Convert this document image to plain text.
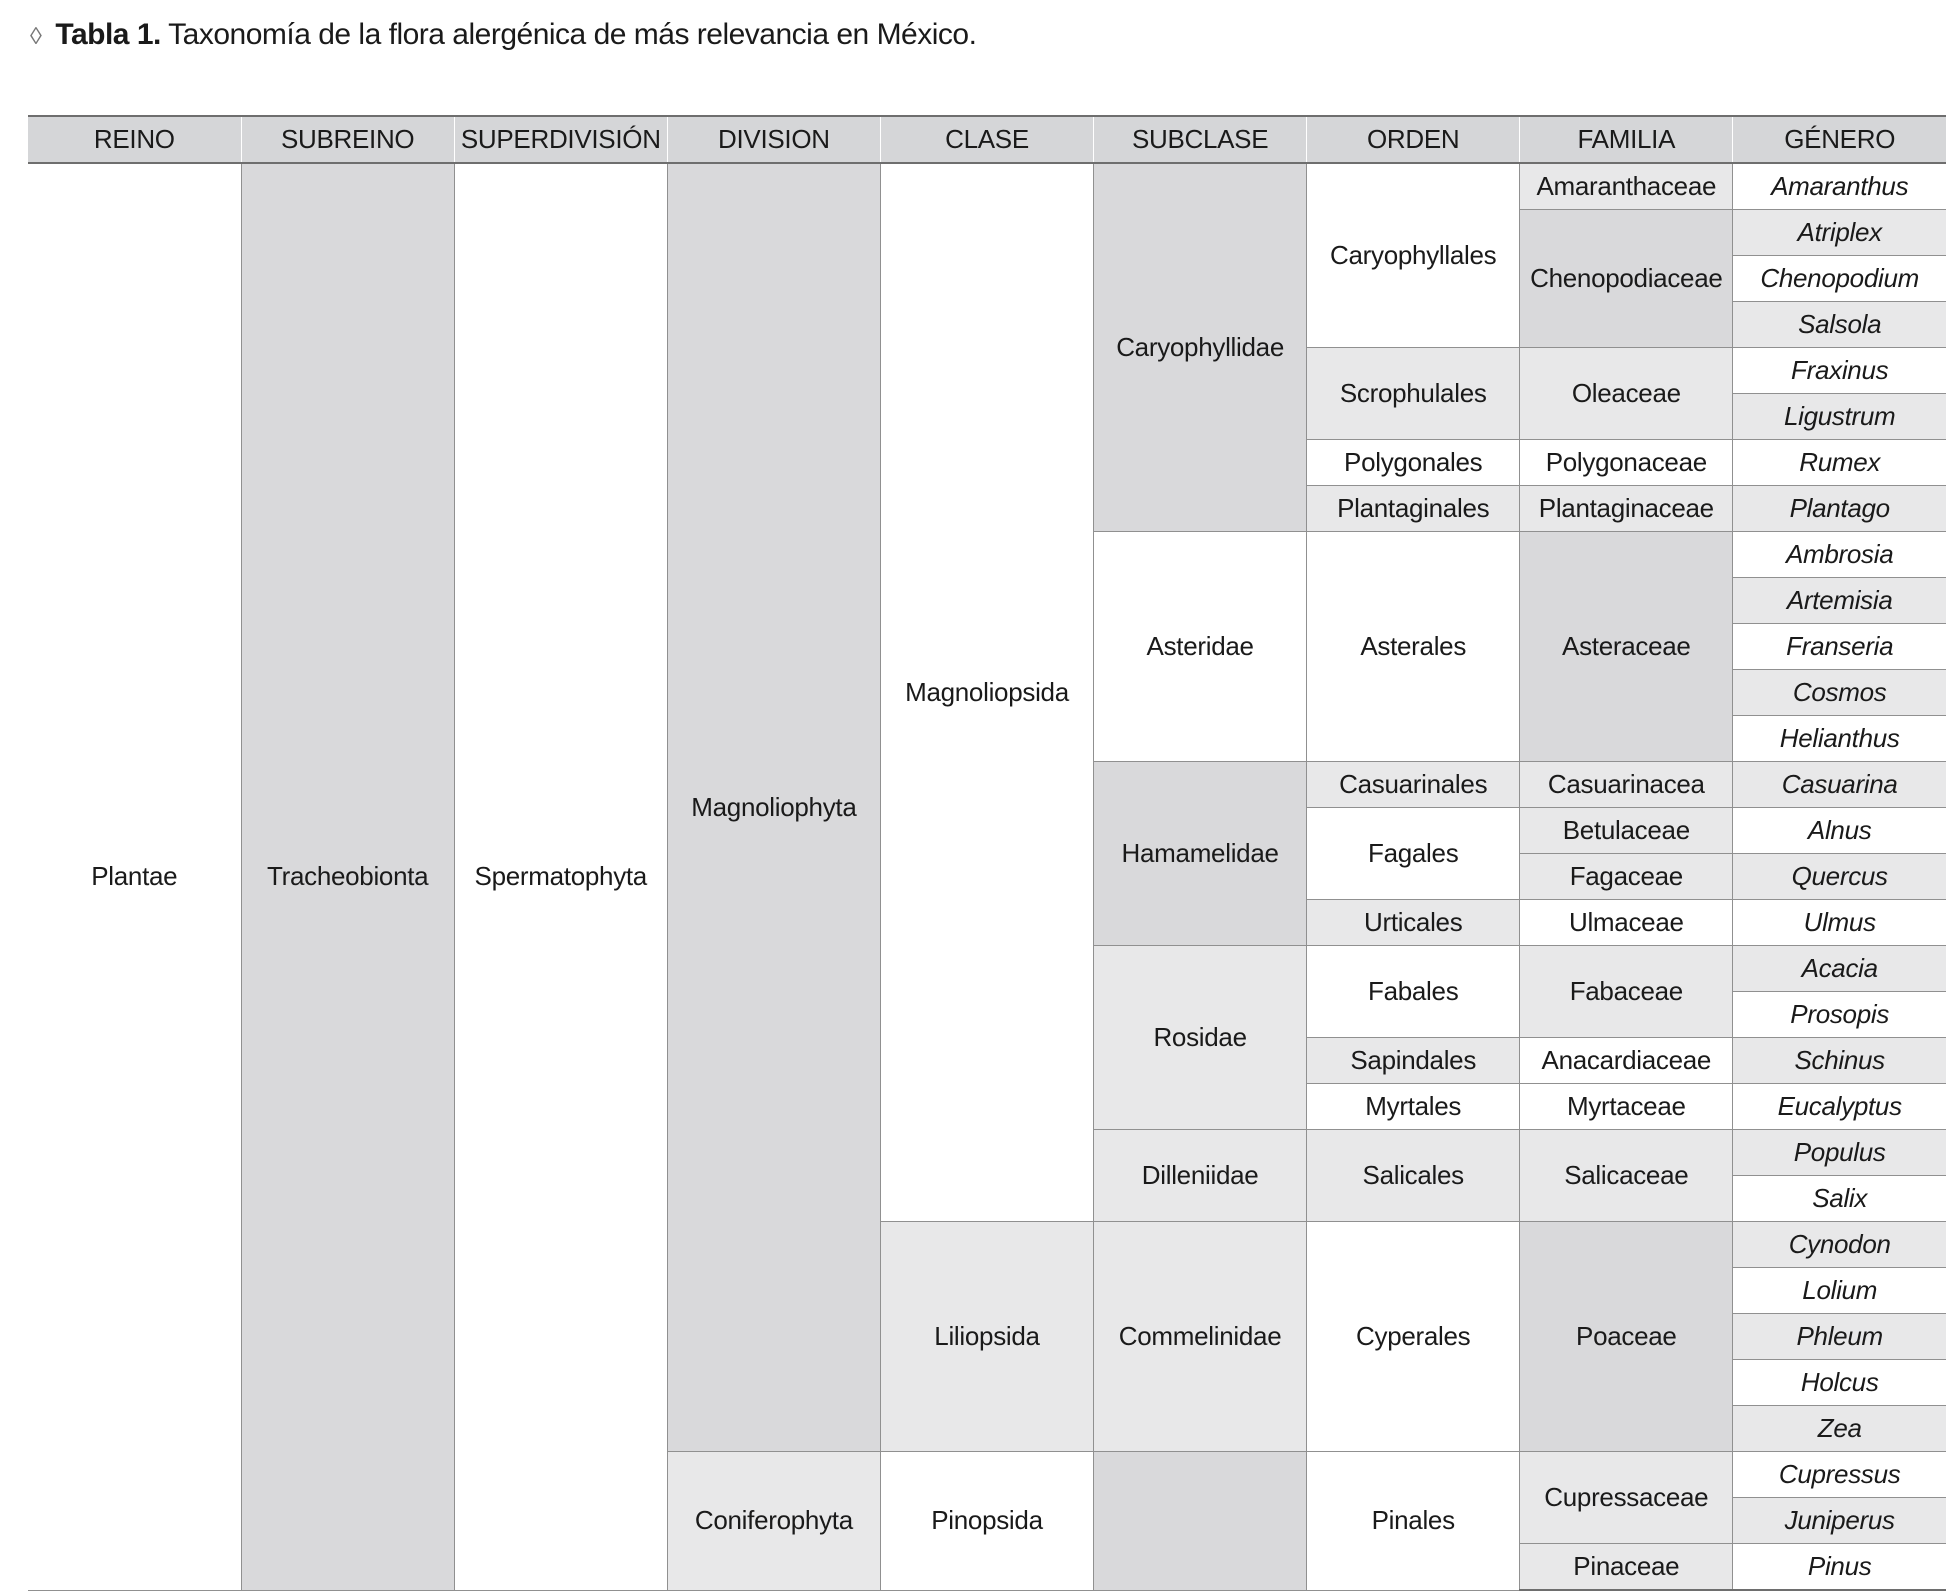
◊ Tabla 1. Taxonomía de la flora alergénica de más relevancia en México.
REINO	SUBREINO	SUPERDIVISIÓN	DIVISION	CLASE	SUBCLASE	ORDEN	FAMILIA	GÉNERO
Plantae	Tracheobionta	Spermatophyta	Magnoliophyta	Magnoliopsida	Caryophyllidae	Caryophyllales	Amaranthaceae	Amaranthus
							Chenopodiaceae	Atriplex
								Chenopodium
								Salsola
						Scrophulales	Oleaceae	Fraxinus
								Ligustrum
						Polygonales	Polygonaceae	Rumex
						Plantaginales	Plantaginaceae	Plantago
					Asteridae	Asterales	Asteraceae	Ambrosia
								Artemisia
								Franseria
								Cosmos
								Helianthus
					Hamamelidae	Casuarinales	Casuarinacea	Casuarina
						Fagales	Betulaceae	Alnus
							Fagaceae	Quercus
						Urticales	Ulmaceae	Ulmus
					Rosidae	Fabales	Fabaceae	Acacia
								Prosopis
						Sapindales	Anacardiaceae	Schinus
						Myrtales	Myrtaceae	Eucalyptus
					Dilleniidae	Salicales	Salicaceae	Populus
								Salix
				Liliopsida	Commelinidae	Cyperales	Poaceae	Cynodon
								Lolium
								Phleum
								Holcus
								Zea
			Coniferophyta	Pinopsida		Pinales	Cupressaceae	Cupressus
								Juniperus
							Pinaceae	Pinus
